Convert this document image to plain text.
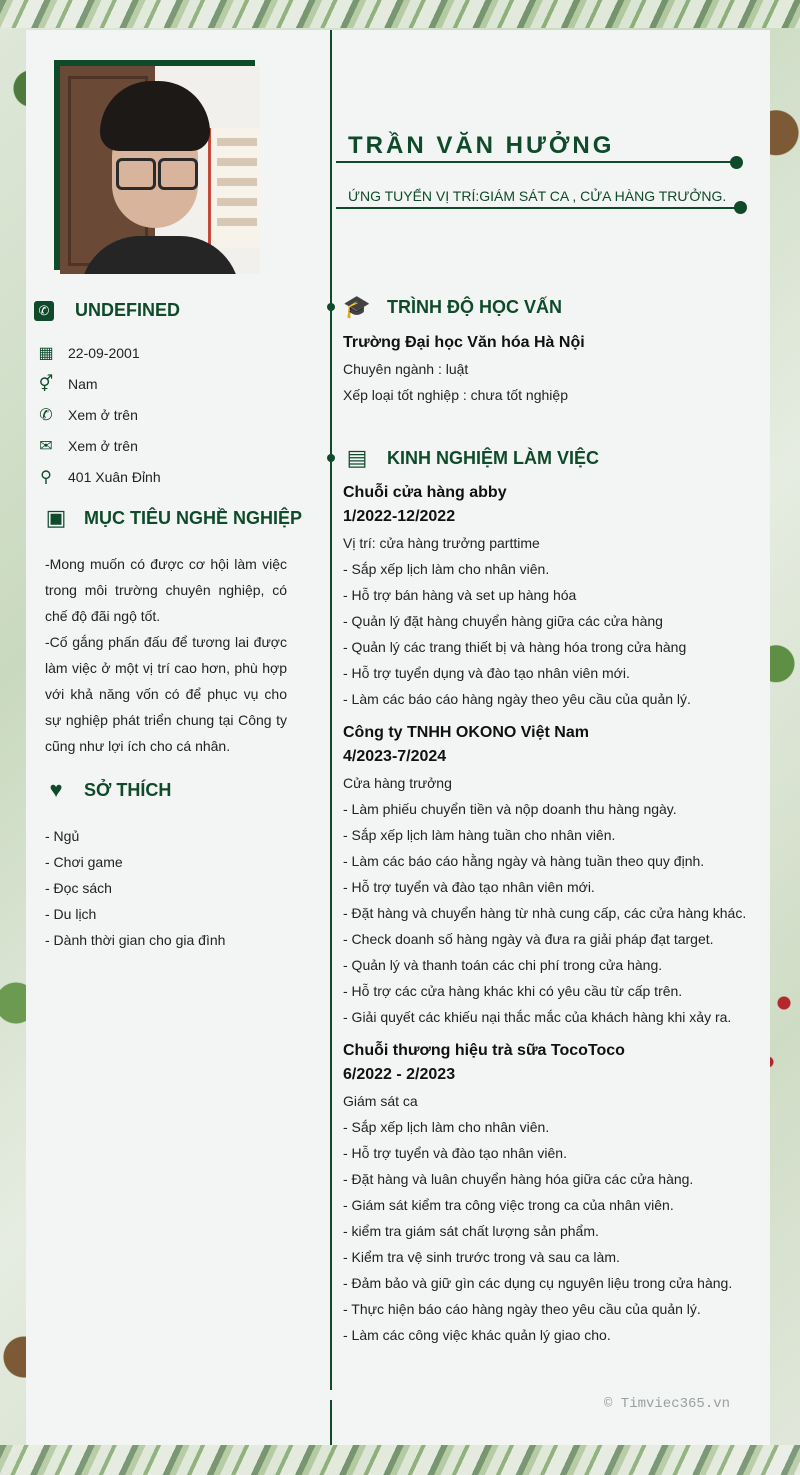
TRẦN VĂN HƯỞNG
ỨNG TUYỂN VỊ TRÍ:GIÁM SÁT CA , CỬA HÀNG TRƯỞNG.
✆ UNDEFINED
▦ 22-09-2001
⚥ Nam
✆ Xem ở trên
✉ Xem ở trên
⚲ 401 Xuân Đỉnh
▣ MỤC TIÊU NGHỀ NGHIỆP

-Mong muốn có được cơ hội làm việc trong môi trường chuyên nghiệp, có chế độ đãi ngộ tốt.

-Cố gắng phấn đấu để tương lai được làm việc ở một vị trí cao hơn, phù hợp với khả năng vốn có để phục vụ cho sự nghiệp phát triển chung tại Công ty cũng như lợi ích cho cá nhân.

♥	SỞ THÍCH
- Ngủ
- Chơi game
- Đọc sách
- Du lịch
- Dành thời gian cho gia đình
🎓 TRÌNH ĐỘ HỌC VẤN
Trường Đại học Văn hóa Hà Nội
Chuyên ngành : luật
Xếp loại tốt nghiệp : chưa tốt nghiệp
▤ KINH NGHIỆM LÀM VIỆC
Chuỗi cửa hàng abby
1/2022-12/2022
Vị trí: cửa hàng trưởng parttime
- Sắp xếp lịch làm cho nhân viên.
- Hỗ trợ bán hàng và set up hàng hóa
- Quản lý đặt hàng chuyển hàng giữa các cửa hàng
- Quản lý các trang thiết bị và hàng hóa trong cửa hàng
- Hỗ trợ tuyển dụng và đào tạo nhân viên mới.
- Làm các báo cáo hàng ngày theo yêu cầu của quản lý.
Công ty TNHH OKONO Việt Nam
4/2023-7/2024
Cửa hàng trưởng
- Làm phiếu chuyển tiền và nộp doanh thu hàng ngày.
- Sắp xếp lịch làm hàng tuần cho nhân viên.
- Làm các báo cáo hằng ngày và hàng tuần theo quy định.
- Hỗ trợ tuyển và đào tạo nhân viên mới.
- Đặt hàng và chuyển hàng từ nhà cung cấp, các cửa hàng khác.
- Check doanh số hàng ngày và đưa ra giải pháp đạt target.
- Quản lý và thanh toán các chi phí trong cửa hàng.
- Hỗ trợ các cửa hàng khác khi có yêu cầu từ cấp trên.
- Giải quyết các khiếu nại thắc mắc của khách hàng khi xảy ra.
Chuỗi thương hiệu trà sữa TocoToco
6/2022 - 2/2023
Giám sát ca
- Sắp xếp lịch làm cho nhân viên.
- Hỗ trợ tuyển và đào tạo nhân viên.
- Đặt hàng và luân chuyển hàng hóa giữa các cửa hàng.
- Giám sát kiểm tra công việc trong ca của nhân viên.
- kiểm tra giám sát chất lượng sản phẩm.
- Kiểm tra vệ sinh trước trong và sau ca làm.
- Đảm bảo và giữ gìn các dụng cụ nguyên liệu trong cửa hàng.
- Thực hiện báo cáo hàng ngày theo yêu cầu của quản lý.
- Làm các công việc khác quản lý giao cho.
© Timviec365.vn
